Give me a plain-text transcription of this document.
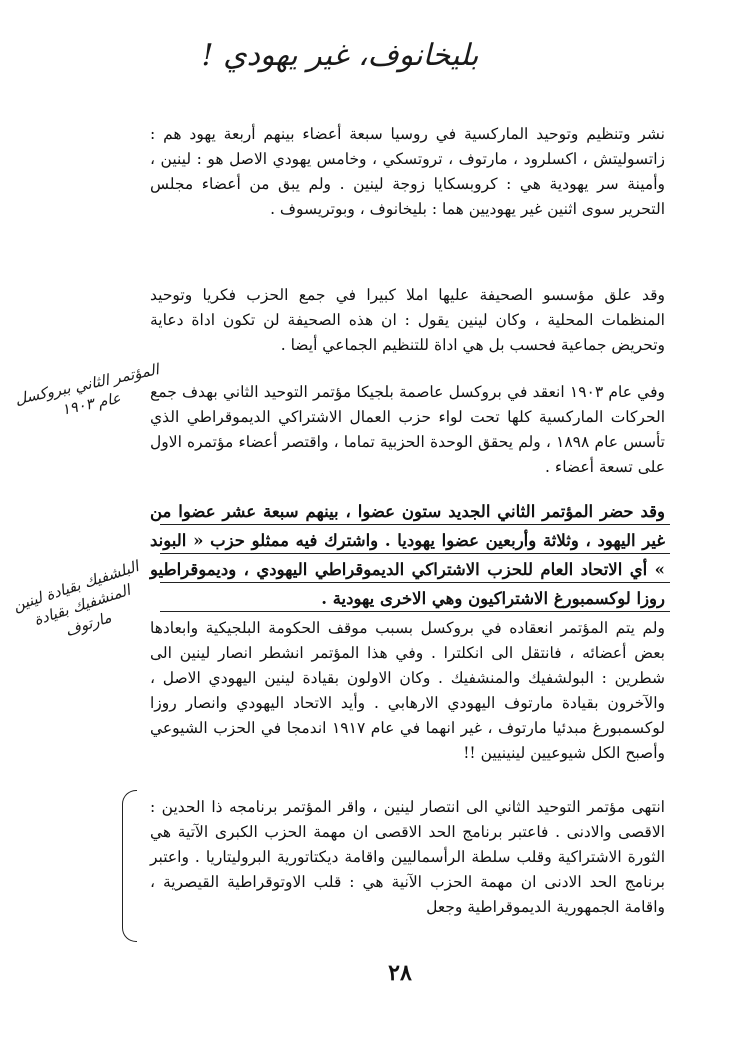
بليخانوف، غير يهودي !

نشر وتنظيم وتوحيد الماركسية في روسيا سبعة أعضاء بينهم أربعة يهود هم : زاتسوليتش ، اكسلرود ، مارتوف ، تروتسكي ، وخامس يهودي الاصل هو : لينين ، وأمينة سر يهودية هي : كروبسكايا زوجة لينين . ولم يبق من أعضاء مجلس التحرير سوى اثنين غير يهوديين هما : بليخانوف ، وبوتريسوف .

وقد علق مؤسسو الصحيفة عليها املا كبيرا في جمع الحزب فكريا وتوحيد المنظمات المحلية ، وكان لينين يقول : ان هذه الصحيفة لن تكون اداة دعاية وتحريض جماعية فحسب بل هي اداة للتنظيم الجماعي أيضا .

وفي عام ١٩٠٣ انعقد في بروكسل عاصمة بلجيكا مؤتمر التوحيد الثاني بهدف جمع الحركات الماركسية كلها تحت لواء حزب العمال الاشتراكي الديموقراطي الذي تأسس عام ١٨٩٨ ، ولم يحقق الوحدة الحزبية تماما ، واقتصر أعضاء مؤتمره الاول على تسعة أعضاء .

وقد حضر المؤتمر الثاني الجديد ستون عضوا ، بينهم سبعة عشر عضوا من غير اليهود ، وثلاثة وأربعين عضوا يهوديا . واشترك فيه ممثلو حزب « البوند » أي الاتحاد العام للحزب الاشتراكي الديموقراطي اليهودي ، وديموقراطيو روزا لوكسمبورغ الاشتراكيون وهي الاخرى يهودية .

ولم يتم المؤتمر انعقاده في بروكسل بسبب موقف الحكومة البلجيكية وابعادها بعض أعضائه ، فانتقل الى انكلترا . وفي هذا المؤتمر انشطر انصار لينين الى شطرين : البولشفيك والمنشفيك . وكان الاولون بقيادة لينين اليهودي الاصل ، والآخرون بقيادة مارتوف اليهودي الارهابي . وأيد الاتحاد اليهودي وانصار روزا لوكسمبورغ مبدئيا مارتوف ، غير انهما في عام ١٩١٧ اندمجا في الحزب الشيوعي وأصبح الكل شيوعيين لينينيين !!

انتهى مؤتمر التوحيد الثاني الى انتصار لينين ، واقر المؤتمر برنامجه ذا الحدين : الاقصى والادنى . فاعتبر برنامج الحد الاقصى ان مهمة الحزب الكبرى الآتية هي الثورة الاشتراكية وقلب سلطة الرأسماليين واقامة ديكتاتورية البروليتاريا . واعتبر برنامج الحد الادنى ان مهمة الحزب الآنية هي : قلب الاوتوقراطية القيصرية ، واقامة الجمهورية الديموقراطية وجعل

المؤتمر الثاني ببروكسل عام ١٩٠٣
البلشفيك بقيادة لينين المنشفيك بقيادة مارتوف
٢٨
